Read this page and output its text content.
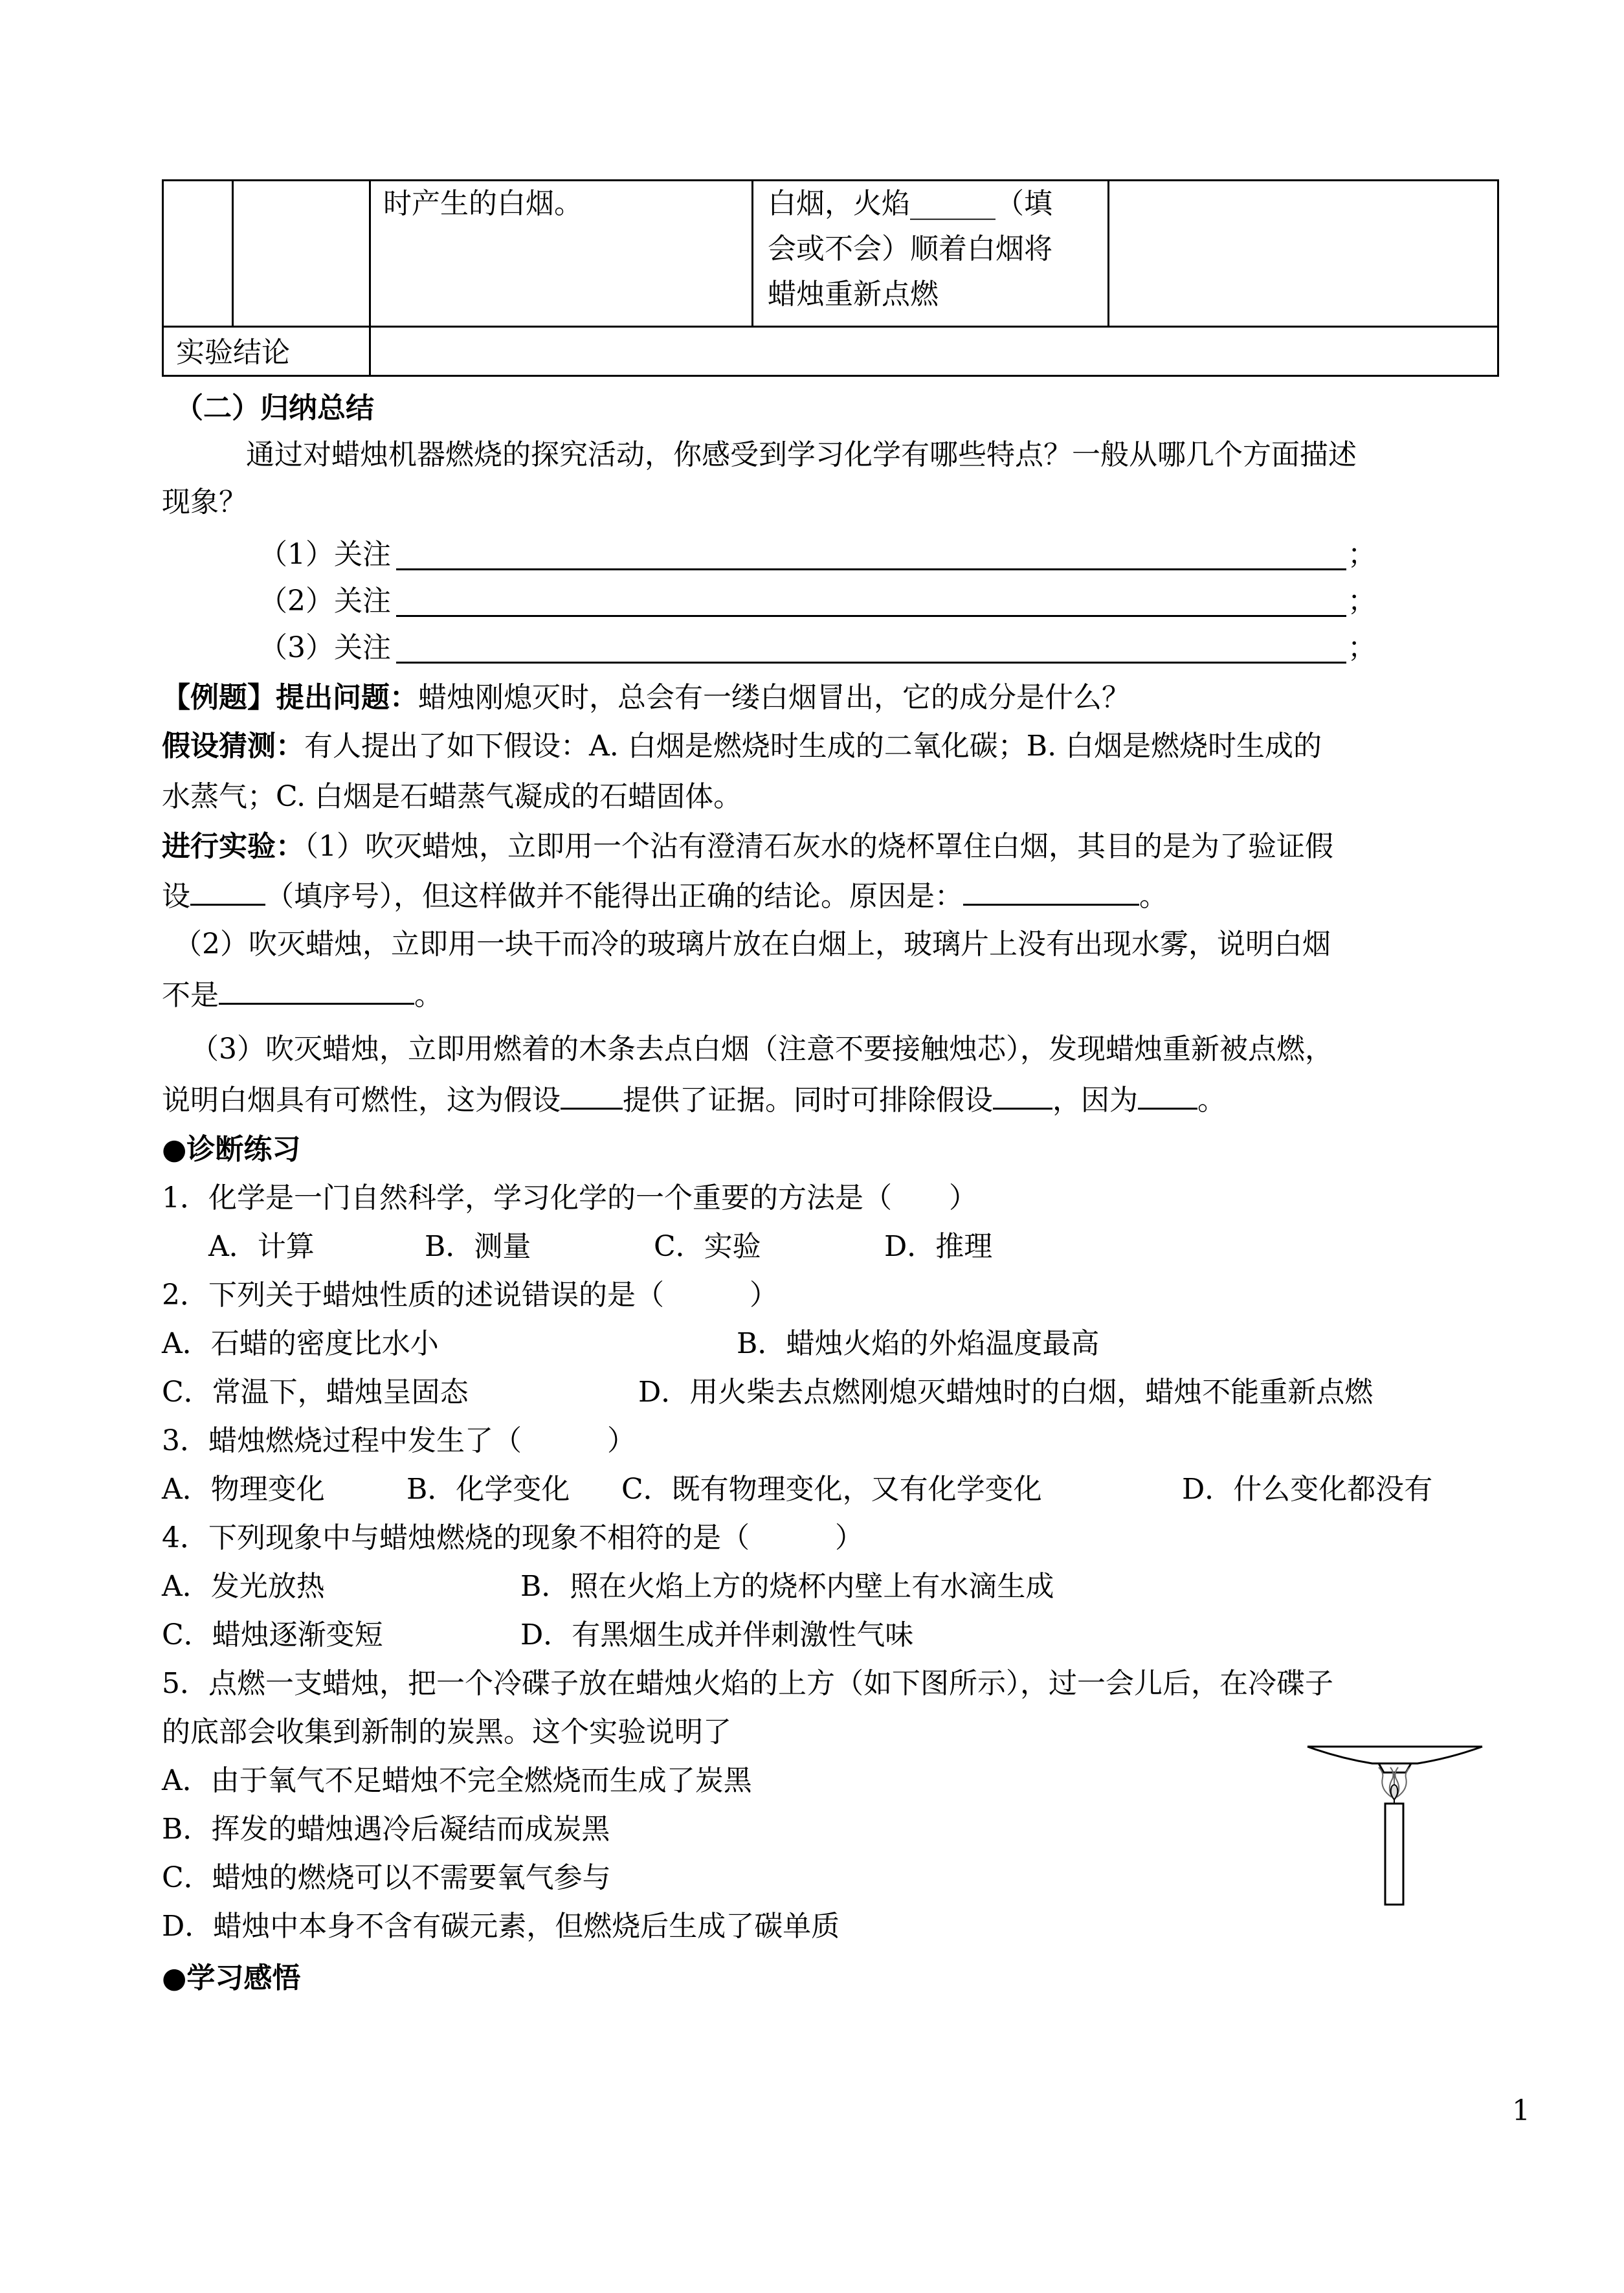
时产生的白烟。	白烟，火焰______（填
会或不会）顺着白烟将
蜡烛重新点燃
实验结论
（二）归纳总结
通过对蜡烛机器燃烧的探究活动，你感受到学习化学有哪些特点？一般从哪几个方面描述
现象？
（1）关注	；
（2）关注	；
（3）关注	；
【例题】提出问题：蜡烛刚熄灭时，总会有一缕白烟冒出，它的成分是什么？
假设猜测：有人提出了如下假设：A. 白烟是燃烧时生成的二氧化碳；B. 白烟是燃烧时生成的
水蒸气；C. 白烟是石蜡蒸气凝成的石蜡固体。
进行实验：（1）吹灭蜡烛，立即用一个沾有澄清石灰水的烧杯罩住白烟，其目的是为了验证假
设	（填序号），但这样做并不能得出正确的结论。原因是：	。
（2）吹灭蜡烛，立即用一块干而冷的玻璃片放在白烟上，玻璃片上没有出现水雾，说明白烟
不是	。
（3）吹灭蜡烛，立即用燃着的木条去点白烟（注意不要接触烛芯），发现蜡烛重新被点燃，
说明白烟具有可燃性，这为假设 提供了证据。同时可排除假设 ，因为 。
●诊断练习
1．化学是一门自然科学，学习化学的一个重要的方法是（　　）
A．计算	B．测量	C．实验	D．推理
2．下列关于蜡烛性质的述说错误的是（　　　）
A．石蜡的密度比水小	B．蜡烛火焰的外焰温度最高
C．常温下，蜡烛呈固态	D．用火柴去点燃刚熄灭蜡烛时的白烟，蜡烛不能重新点燃
3．蜡烛燃烧过程中发生了（　　　）
A．物理变化	B．化学变化 C．既有物理变化，又有化学变化	D．什么变化都没有
4．下列现象中与蜡烛燃烧的现象不相符的是（　　　）
A．发光放热	B．照在火焰上方的烧杯内壁上有水滴生成
C．蜡烛逐渐变短	D．有黑烟生成并伴刺激性气味
5．点燃一支蜡烛，把一个冷碟子放在蜡烛火焰的上方（如下图所示），过一会儿后，在冷碟子
的底部会收集到新制的炭黑。这个实验说明了
A．由于氧气不足蜡烛不完全燃烧而生成了炭黑
B．挥发的蜡烛遇冷后凝结而成炭黑
C．蜡烛的燃烧可以不需要氧气参与
D．蜡烛中本身不含有碳元素，但燃烧后生成了碳单质
●学习感悟
1
